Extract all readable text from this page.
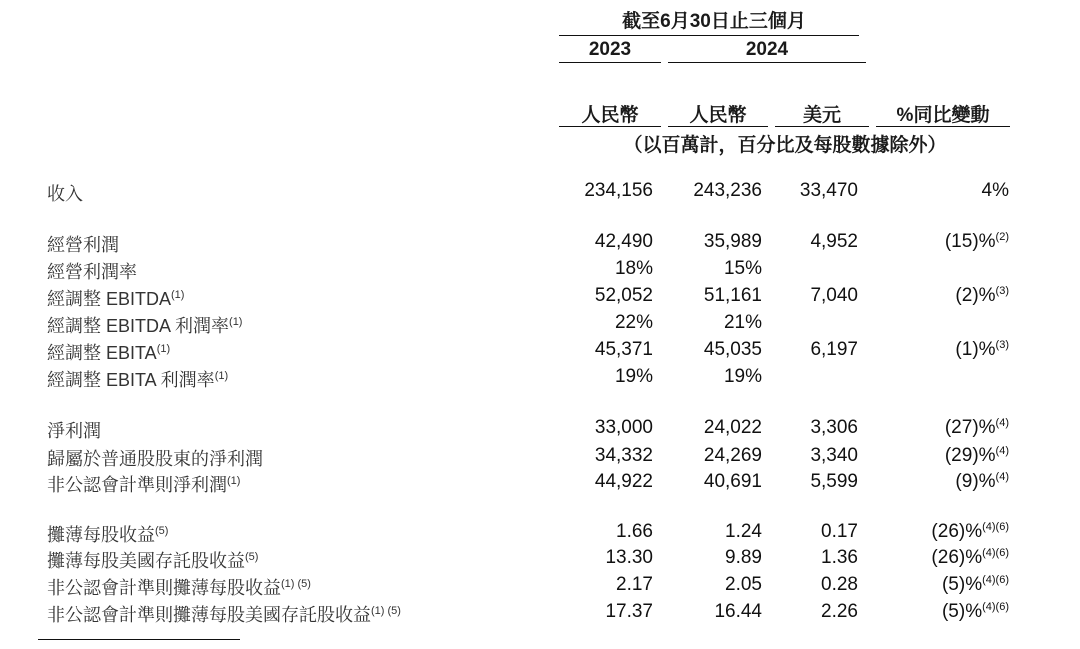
截至6月30日止三個月
2023	2024
人民幣	人民幣	美元	%同比變動
（以百萬計，百分比及每股數據除外）
收入	234,156	243,236	33,470	4%
經營利潤	42,490	35,989	4,952	(15)%$^{(2)}$
經營利潤率	18%	15%
經調整 EBITDA$^{(1)}$	52,052	51,161	7,040	(2)%$^{(3)}$
經調整 EBITDA 利潤率$^{(1)}$	22%	21%
經調整 EBITA$^{(1)}$	45,371	45,035	6,197	(1)%$^{(3)}$
經調整 EBITA 利潤率$^{(1)}$	19%	19%
淨利潤	33,000	24,022	3,306	(27)%$^{(4)}$
歸屬於普通股股東的淨利潤	34,332	24,269	3,340	(29)%$^{(4)}$
非公認會計準則淨利潤$^{(1)}$	44,922	40,691	5,599	(9)%$^{(4)}$
攤薄每股收益$^{(5)}$	1.66	1.24	0.17	(26)%$^{(4)(6)}$
攤薄每股美國存託股收益$^{(5)}$	13.30	9.89	1.36	(26)%$^{(4)(6)}$
非公認會計準則攤薄每股收益$^{(1) (5)}$	2.17	2.05	0.28	(5)%$^{(4)(6)}$
非公認會計準則攤薄每股美國存託股收益$^{(1) (5)}$	17.37	16.44	2.26	(5)%$^{(4)(6)}$
